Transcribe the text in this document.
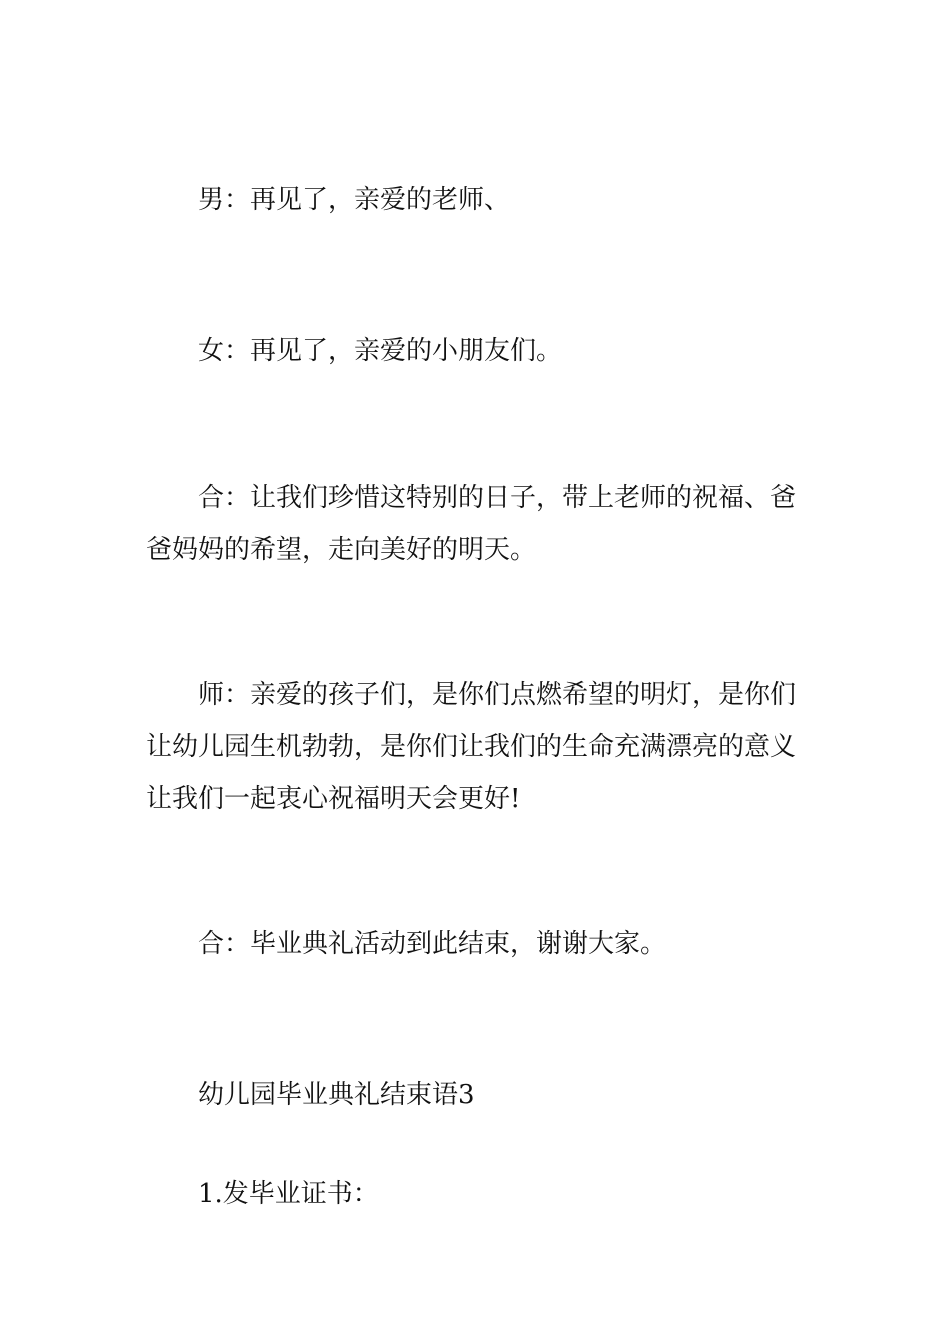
男：再见了，亲爱的老师、

女：再见了，亲爱的小朋友们。

合：让我们珍惜这特别的日子，带上老师的祝福、爸爸妈妈的希望，走向美好的明天。

师：亲爱的孩子们，是你们点燃希望的明灯，是你们让幼儿园生机勃勃，是你们让我们的生命充满漂亮的意义让我们一起衷心祝福明天会更好!

合：毕业典礼活动到此结束，谢谢大家。

幼儿园毕业典礼结束语3

1.发毕业证书：
